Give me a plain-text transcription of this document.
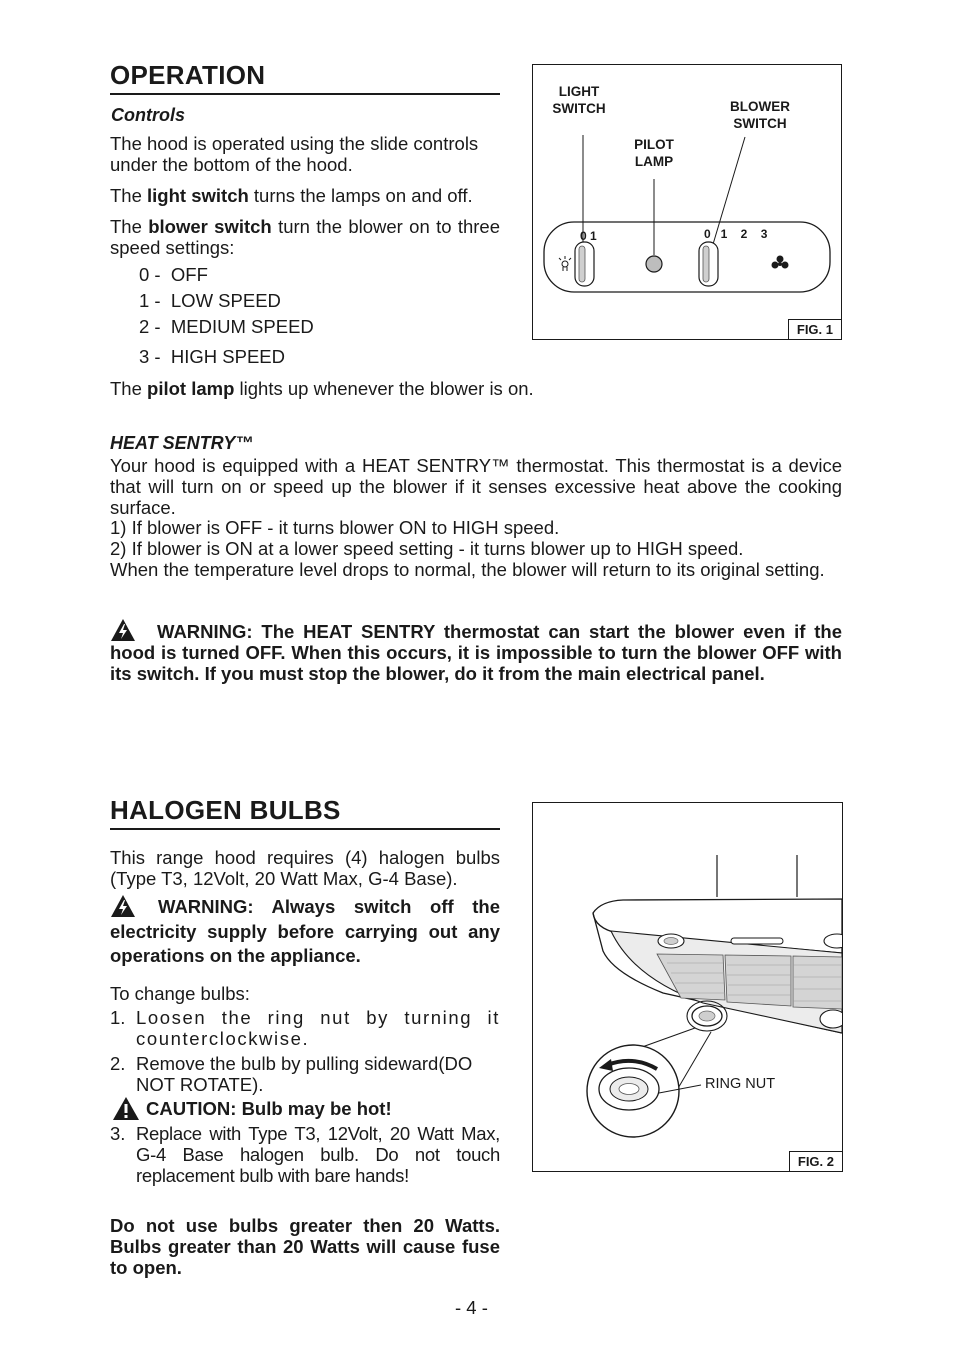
OPERATION
Controls

The hood is operated using the slide controls under the bottom of the hood.

The light switch turns the lamps on and off.

The blower switch turn the blower on to three speed settings:

0 -  OFF
1 -  LOW SPEED
2 -  MEDIUM SPEED
3 -  HIGH SPEED

The pilot lamp lights up whenever the blower is on.

LIGHT
SWITCH
PILOT
LAMP
BLOWER
SWITCH
0 1	0   1    2    3
FIG. 1
HEAT SENTRY™

Your hood is equipped with a HEAT SENTRY™ thermostat. This thermostat is a device that will turn on or speed up the blower if it senses excessive heat above the cooking surface.

1) If blower is OFF - it turns blower ON to HIGH speed.

2) If blower is ON at a lower speed setting - it turns blower up to HIGH speed.

When the temperature level drops to normal, the blower will return to its original setting.

WARNING: The HEAT SENTRY thermostat can start the blower even if the hood is turned OFF. When this occurs, it is impossible to turn the blower OFF with its switch. If you must stop the blower, do it from the main electrical panel.

HALOGEN BULBS

This range hood requires (4) halogen bulbs (Type T3, 12Volt, 20 Watt Max, G-4 Base).

WARNING: Always switch off the electricity supply before carrying out any operations on the appliance.

To change bulbs:

1. Loosen the ring nut by turning it counterclockwise.
2. Remove the bulb by pulling sideward(DO NOT ROTATE).

CAUTION: Bulb may be hot!

3. Replace with Type T3, 12Volt, 20 Watt Max, G-4 Base halogen bulb. Do not touch replacement bulb with bare hands!

Do not use bulbs greater then 20 Watts. Bulbs greater than 20 Watts will cause fuse to open.

RING NUT
FIG. 2
- 4 -
